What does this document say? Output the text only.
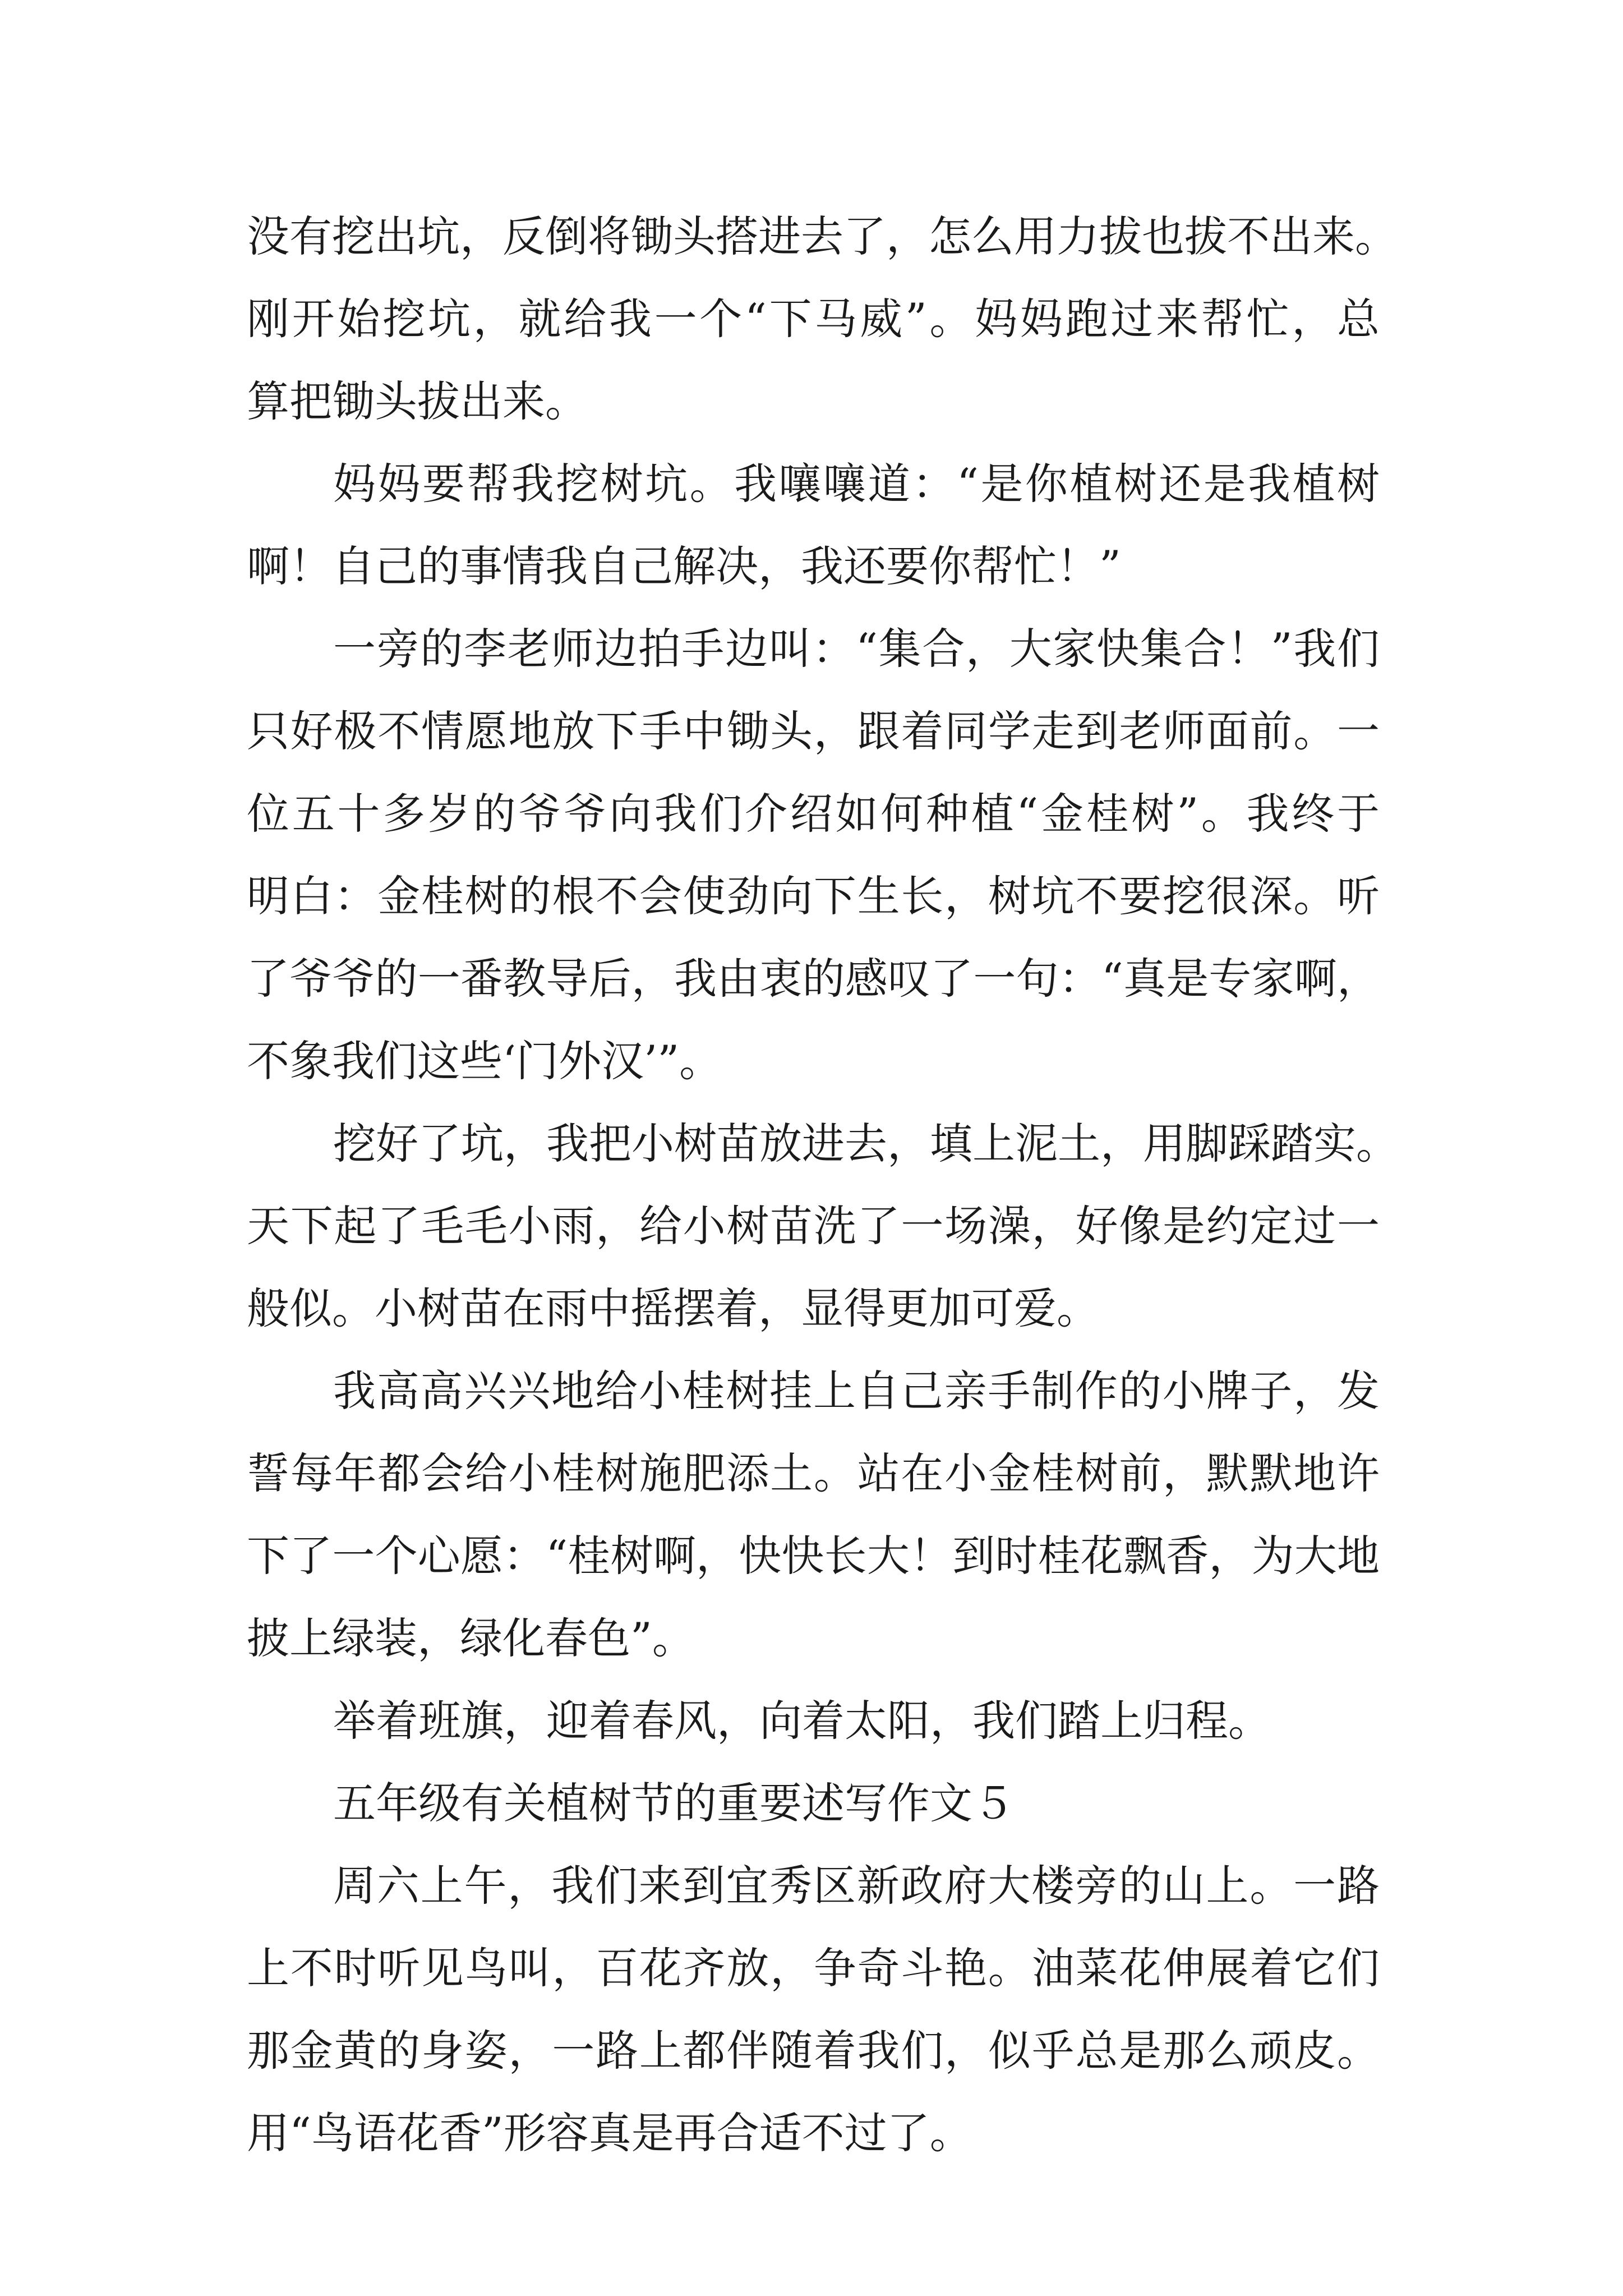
没有挖出坑，反倒将锄头搭进去了，怎么用力拔也拔不出来。
刚开始挖坑，就给我一个“下马威”。妈妈跑过来帮忙，总
算把锄头拔出来。
妈妈要帮我挖树坑。我嚷嚷道：“是你植树还是我植树
啊！自己的事情我自己解决，我还要你帮忙！”
一旁的李老师边拍手边叫：“集合，大家快集合！”我们
只好极不情愿地放下手中锄头，跟着同学走到老师面前。一
位五十多岁的爷爷向我们介绍如何种植“金桂树”。我终于
明白：金桂树的根不会使劲向下生长，树坑不要挖很深。听
了爷爷的一番教导后，我由衷的感叹了一句：“真是专家啊，
不象我们这些‘门外汉’”。
挖好了坑，我把小树苗放进去，填上泥土，用脚踩踏实。
天下起了毛毛小雨，给小树苗洗了一场澡，好像是约定过一
般似。小树苗在雨中摇摆着，显得更加可爱。
我高高兴兴地给小桂树挂上自己亲手制作的小牌子，发
誓每年都会给小桂树施肥添土。站在小金桂树前，默默地许
下了一个心愿：“桂树啊，快快长大！到时桂花飘香，为大地
披上绿装，绿化春色”。
举着班旗，迎着春风，向着太阳，我们踏上归程。
五年级有关植树节的重要述写作文５
周六上午，我们来到宜秀区新政府大楼旁的山上。一路
上不时听见鸟叫，百花齐放，争奇斗艳。油菜花伸展着它们
那金黄的身姿，一路上都伴随着我们，似乎总是那么顽皮。
用“鸟语花香”形容真是再合适不过了。
